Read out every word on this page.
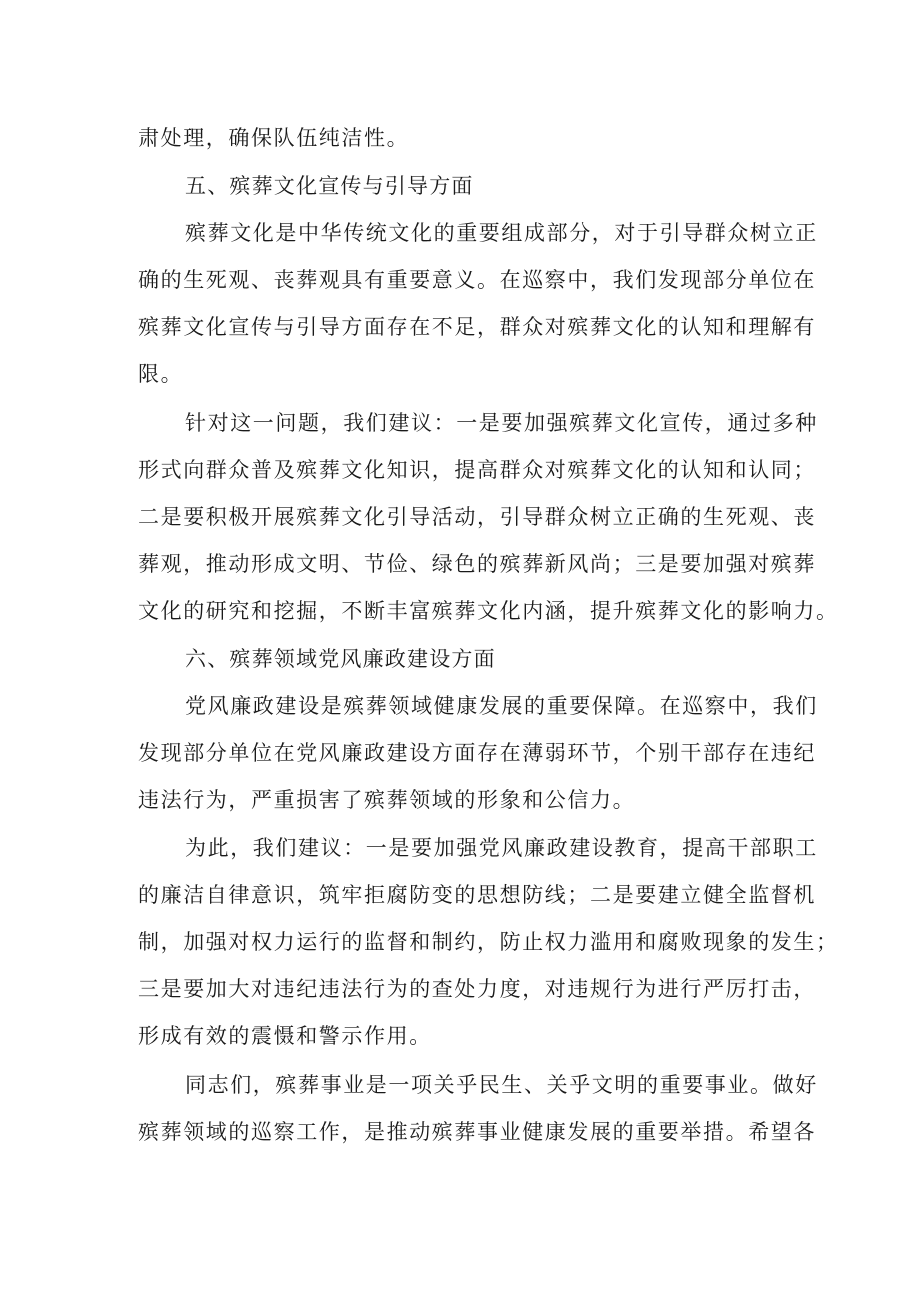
肃处理，确保队伍纯洁性。
五、殡葬文化宣传与引导方面
殡葬文化是中华传统文化的重要组成部分，对于引导群众树立正
确的生死观、丧葬观具有重要意义。在巡察中，我们发现部分单位在
殡葬文化宣传与引导方面存在不足，群众对殡葬文化的认知和理解有
限。
针对这一问题，我们建议：一是要加强殡葬文化宣传，通过多种
形式向群众普及殡葬文化知识，提高群众对殡葬文化的认知和认同；
二是要积极开展殡葬文化引导活动，引导群众树立正确的生死观、丧
葬观，推动形成文明、节俭、绿色的殡葬新风尚；三是要加强对殡葬
文化的研究和挖掘，不断丰富殡葬文化内涵，提升殡葬文化的影响力。
六、殡葬领域党风廉政建设方面
党风廉政建设是殡葬领域健康发展的重要保障。在巡察中，我们
发现部分单位在党风廉政建设方面存在薄弱环节，个别干部存在违纪
违法行为，严重损害了殡葬领域的形象和公信力。
为此，我们建议：一是要加强党风廉政建设教育，提高干部职工
的廉洁自律意识，筑牢拒腐防变的思想防线；二是要建立健全监督机
制，加强对权力运行的监督和制约，防止权力滥用和腐败现象的发生；
三是要加大对违纪违法行为的查处力度，对违规行为进行严厉打击，
形成有效的震慑和警示作用。
同志们，殡葬事业是一项关乎民生、关乎文明的重要事业。做好
殡葬领域的巡察工作，是推动殡葬事业健康发展的重要举措。希望各
